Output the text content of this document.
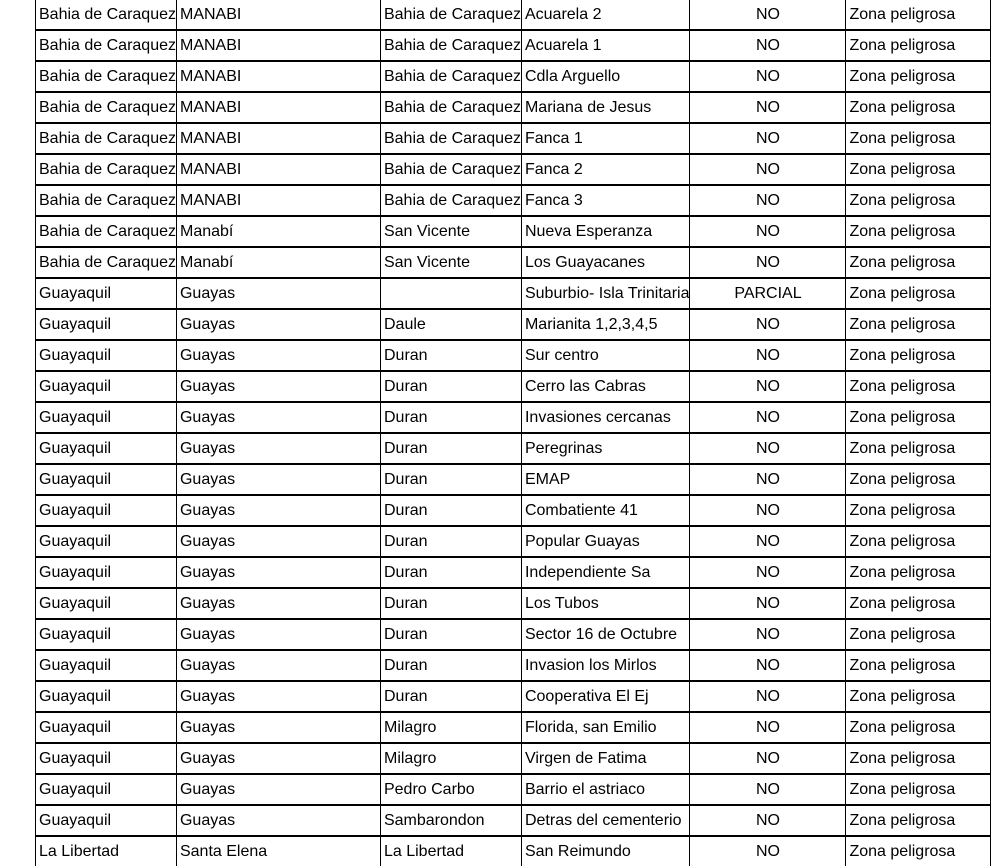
Bahia de Caraquez	MANABI	Bahia de Caraquez	Acuarela 2	NO	Zona peligrosa
Bahia de Caraquez	MANABI	Bahia de Caraquez	Acuarela 1	NO	Zona peligrosa
Bahia de Caraquez	MANABI	Bahia de Caraquez	Cdla Arguello	NO	Zona peligrosa
Bahia de Caraquez	MANABI	Bahia de Caraquez	Mariana de Jesus	NO	Zona peligrosa
Bahia de Caraquez	MANABI	Bahia de Caraquez	Fanca 1	NO	Zona peligrosa
Bahia de Caraquez	MANABI	Bahia de Caraquez	Fanca 2	NO	Zona peligrosa
Bahia de Caraquez	MANABI	Bahia de Caraquez	Fanca 3	NO	Zona peligrosa
Bahia de Caraquez	Manabí	San Vicente	Nueva Esperanza	NO	Zona peligrosa
Bahia de Caraquez	Manabí	San Vicente	Los Guayacanes	NO	Zona peligrosa
Guayaquil	Guayas		Suburbio- Isla Trinitaria	PARCIAL	Zona peligrosa
Guayaquil	Guayas	Daule	Marianita 1,2,3,4,5	NO	Zona peligrosa
Guayaquil	Guayas	Duran	Sur centro	NO	Zona peligrosa
Guayaquil	Guayas	Duran	Cerro las Cabras	NO	Zona peligrosa
Guayaquil	Guayas	Duran	Invasiones cercanas	NO	Zona peligrosa
Guayaquil	Guayas	Duran	Peregrinas	NO	Zona peligrosa
Guayaquil	Guayas	Duran	EMAP	NO	Zona peligrosa
Guayaquil	Guayas	Duran	Combatiente 41	NO	Zona peligrosa
Guayaquil	Guayas	Duran	Popular Guayas	NO	Zona peligrosa
Guayaquil	Guayas	Duran	Independiente Sa	NO	Zona peligrosa
Guayaquil	Guayas	Duran	Los Tubos	NO	Zona peligrosa
Guayaquil	Guayas	Duran	Sector 16 de Octubre	NO	Zona peligrosa
Guayaquil	Guayas	Duran	Invasion los Mirlos	NO	Zona peligrosa
Guayaquil	Guayas	Duran	Cooperativa El Ej	NO	Zona peligrosa
Guayaquil	Guayas	Milagro	Florida, san Emilio	NO	Zona peligrosa
Guayaquil	Guayas	Milagro	Virgen de Fatima	NO	Zona peligrosa
Guayaquil	Guayas	Pedro Carbo	Barrio el astriaco	NO	Zona peligrosa
Guayaquil	Guayas	Sambarondon	Detras del cementerio	NO	Zona peligrosa
La Libertad	Santa Elena	La Libertad	San Reimundo	NO	Zona peligrosa
